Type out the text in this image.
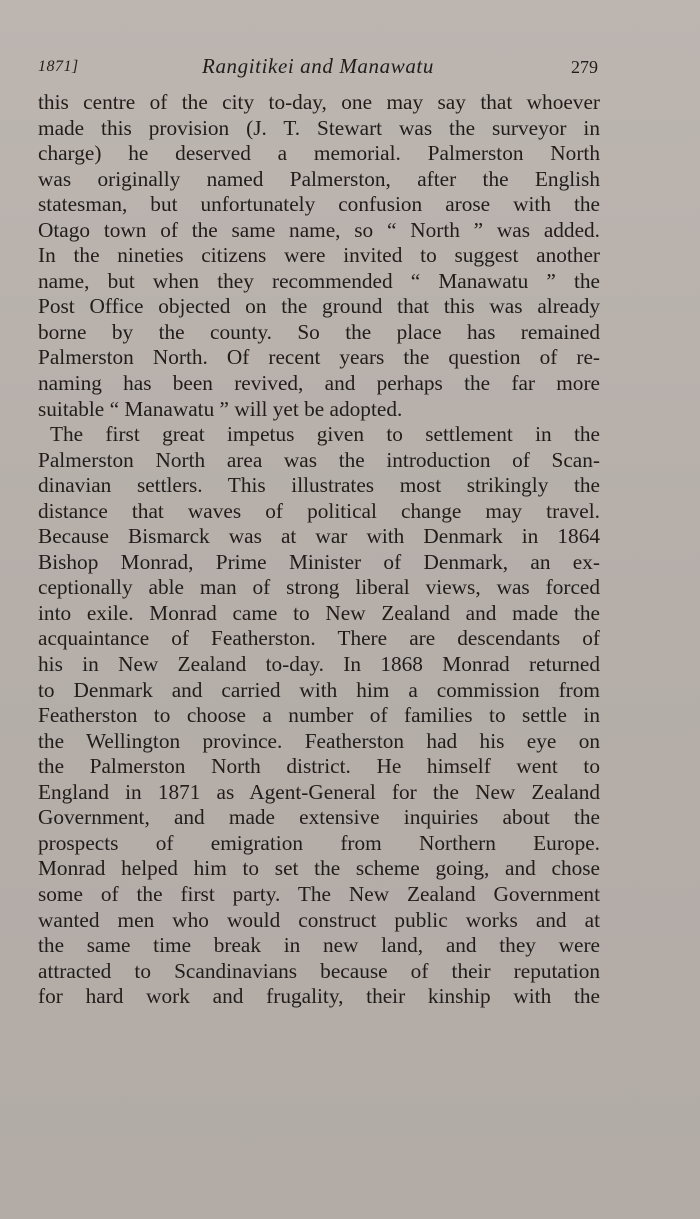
1871]	Rangitikei and Manawatu	279
this centre of the city to-day, one may say that whoever
made this provision (J. T. Stewart was the surveyor in
charge) he deserved a memorial. Palmerston North
was originally named Palmerston, after the English
statesman, but unfortunately confusion arose with the
Otago town of the same name, so “ North ” was added.
In the nineties citizens were invited to suggest another
name, but when they recommended “ Manawatu ” the
Post Office objected on the ground that this was already
borne by the county. So the place has remained
Palmerston North. Of recent years the question of re-
naming has been revived, and perhaps the far more
suitable “ Manawatu ” will yet be adopted.
The first great impetus given to settlement in the
Palmerston North area was the introduction of Scan-
dinavian settlers. This illustrates most strikingly the
distance that waves of political change may travel.
Because Bismarck was at war with Denmark in 1864
Bishop Monrad, Prime Minister of Denmark, an ex-
ceptionally able man of strong liberal views, was forced
into exile. Monrad came to New Zealand and made the
acquaintance of Featherston. There are descendants of
his in New Zealand to-day. In 1868 Monrad returned
to Denmark and carried with him a commission from
Featherston to choose a number of families to settle in
the Wellington province. Featherston had his eye on
the Palmerston North district. He himself went to
England in 1871 as Agent-General for the New Zealand
Government, and made extensive inquiries about the
prospects of emigration from Northern Europe.
Monrad helped him to set the scheme going, and chose
some of the first party. The New Zealand Government
wanted men who would construct public works and at
the same time break in new land, and they were
attracted to Scandinavians because of their reputation
for hard work and frugality, their kinship with the
